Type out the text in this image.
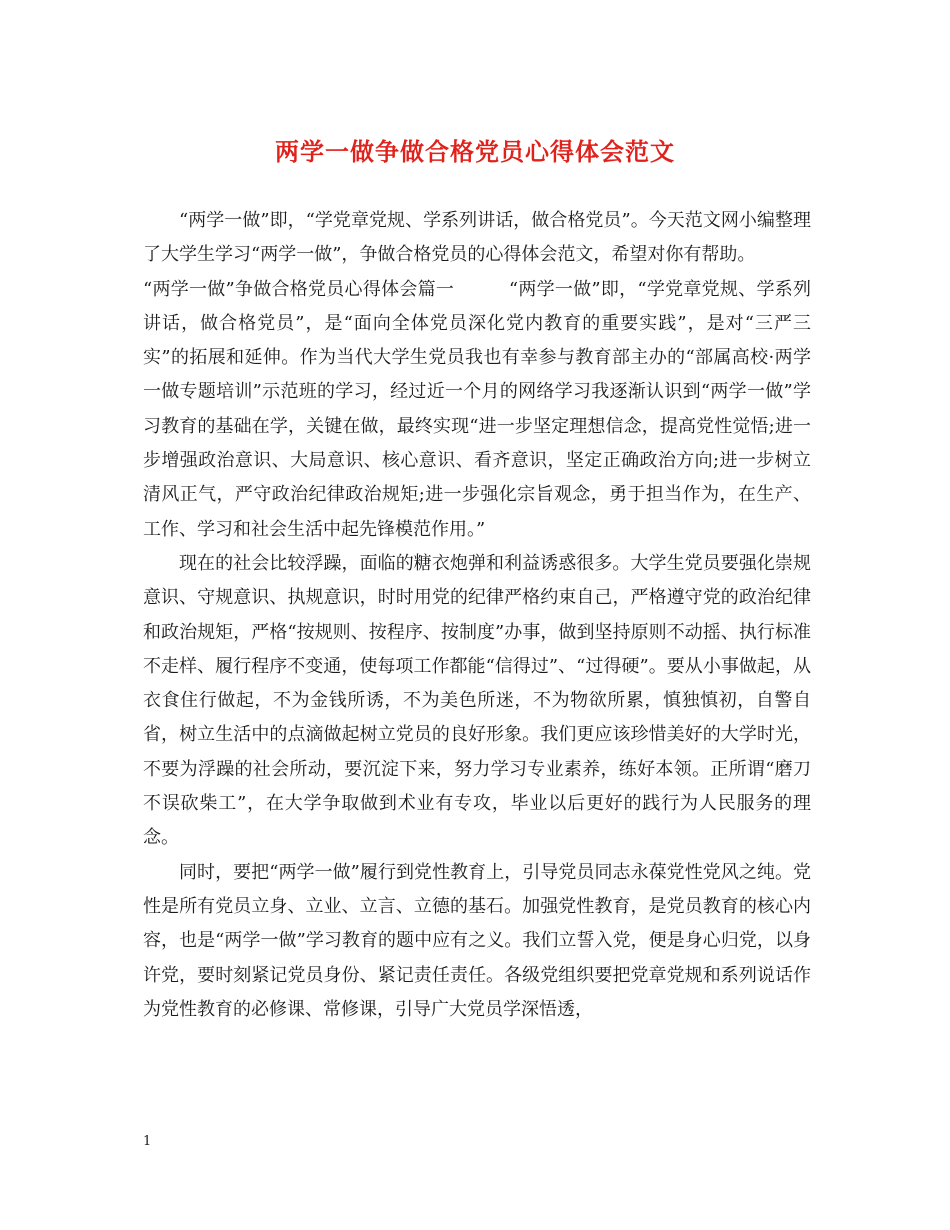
两学一做争做合格党员心得体会范文

“两学一做”即，“学党章党规、学系列讲话，做合格党员”。今天范文网小编整理了大学生学习“两学一做”，争做合格党员的心得体会范文，希望对你有帮助。

“两学一做”争做合格党员心得体会篇一　　　“两学一做”即，“学党章党规、学系列讲话，做合格党员”，是“面向全体党员深化党内教育的重要实践”，是对“三严三实”的拓展和延伸。作为当代大学生党员我也有幸参与教育部主办的“部属高校·两学一做专题培训”示范班的学习，经过近一个月的网络学习我逐渐认识到“两学一做”学习教育的基础在学，关键在做，最终实现“进一步坚定理想信念，提高党性觉悟;进一步增强政治意识、大局意识、核心意识、看齐意识，坚定正确政治方向;进一步树立清风正气，严守政治纪律政治规矩;进一步强化宗旨观念，勇于担当作为，在生产、工作、学习和社会生活中起先锋模范作用。”

现在的社会比较浮躁，面临的糖衣炮弹和利益诱惑很多。大学生党员要强化崇规意识、守规意识、执规意识，时时用党的纪律严格约束自己，严格遵守党的政治纪律和政治规矩，严格“按规则、按程序、按制度”办事，做到坚持原则不动摇、执行标准不走样、履行程序不变通，使每项工作都能“信得过”、“过得硬”。要从小事做起，从衣食住行做起，不为金钱所诱，不为美色所迷，不为物欲所累，慎独慎初，自警自省，树立生活中的点滴做起树立党员的良好形象。我们更应该珍惜美好的大学时光，不要为浮躁的社会所动，要沉淀下来，努力学习专业素养，练好本领。正所谓“磨刀不误砍柴工”，在大学争取做到术业有专攻，毕业以后更好的践行为人民服务的理念。

同时，要把“两学一做”履行到党性教育上，引导党员同志永葆党性党风之纯。党性是所有党员立身、立业、立言、立德的基石。加强党性教育，是党员教育的核心内容，也是“两学一做”学习教育的题中应有之义。我们立誓入党，便是身心归党，以身许党，要时刻紧记党员身份、紧记责任责任。各级党组织要把党章党规和系列说话作为党性教育的必修课、常修课，引导广大党员学深悟透，

1
